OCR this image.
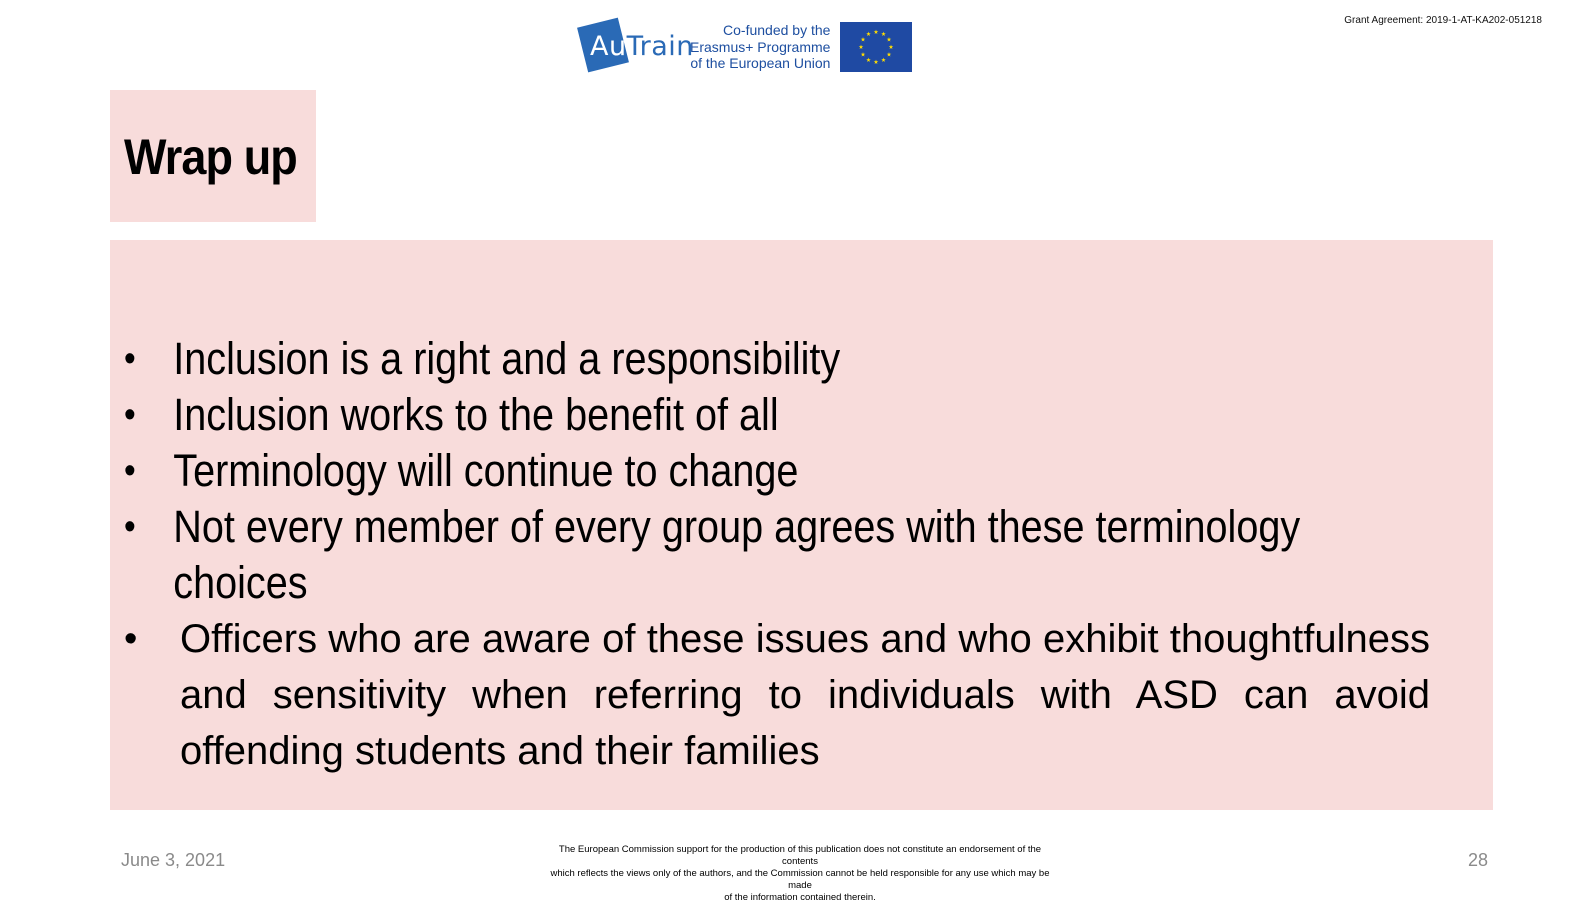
Grant Agreement: 2019-1-AT-KA202-051218
AuTrain
Co-funded by the
Erasmus+ Programme
of the European Union
Wrap up
• Inclusion is a right and a responsibility
• Inclusion works to the benefit of all
• Terminology will continue to change
• Not every member of every group agrees with these terminology choices
•	Officers who are aware of these issues and who exhibit thoughtfulness and sensitivity when referring to individuals with ASD can avoid offending students and their families
June 3, 2021
The European Commission support for the production of this publication does not constitute an endorsement of the contents
which reflects the views only of the authors, and the Commission cannot be held responsible for any use which may be made
of the information contained therein.
28
